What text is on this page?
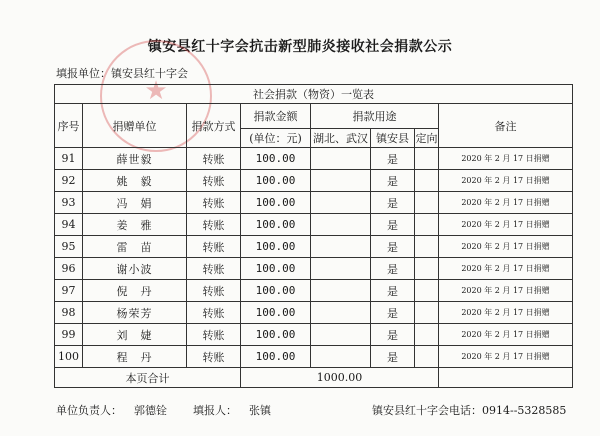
镇安县红十字会抗击新型肺炎接收社会捐款公示
填报单位：镇安县红十字会
★	社会捐款（物资）一览表							
序号	捐赠单位	捐款方式	捐款金额	捐款用途			备注
			(单位：元)	湖北、武汉	镇安县	定向	
91	薛世毅	转账	100.00		是		2020 年 2 月 17 日捐赠
92	姚　毅	转账	100.00		是		2020 年 2 月 17 日捐赠
93	冯　娟	转账	100.00		是		2020 年 2 月 17 日捐赠
94	姜　雅	转账	100.00		是		2020 年 2 月 17 日捐赠
95	雷　苗	转账	100.00		是		2020 年 2 月 17 日捐赠
96	谢小波	转账	100.00		是		2020 年 2 月 17 日捐赠
97	倪　丹	转账	100.00		是		2020 年 2 月 17 日捐赠
98	杨荣芳	转账	100.00		是		2020 年 2 月 17 日捐赠
99	刘　婕	转账	100.00		是		2020 年 2 月 17 日捐赠
100	程　丹	转账	100.00		是		2020 年 2 月 17 日捐赠
本页合计			1000.00				
单位负责人： 郭德铨 填报人： 张镇	镇安县红十字会电话：0914--5328585
